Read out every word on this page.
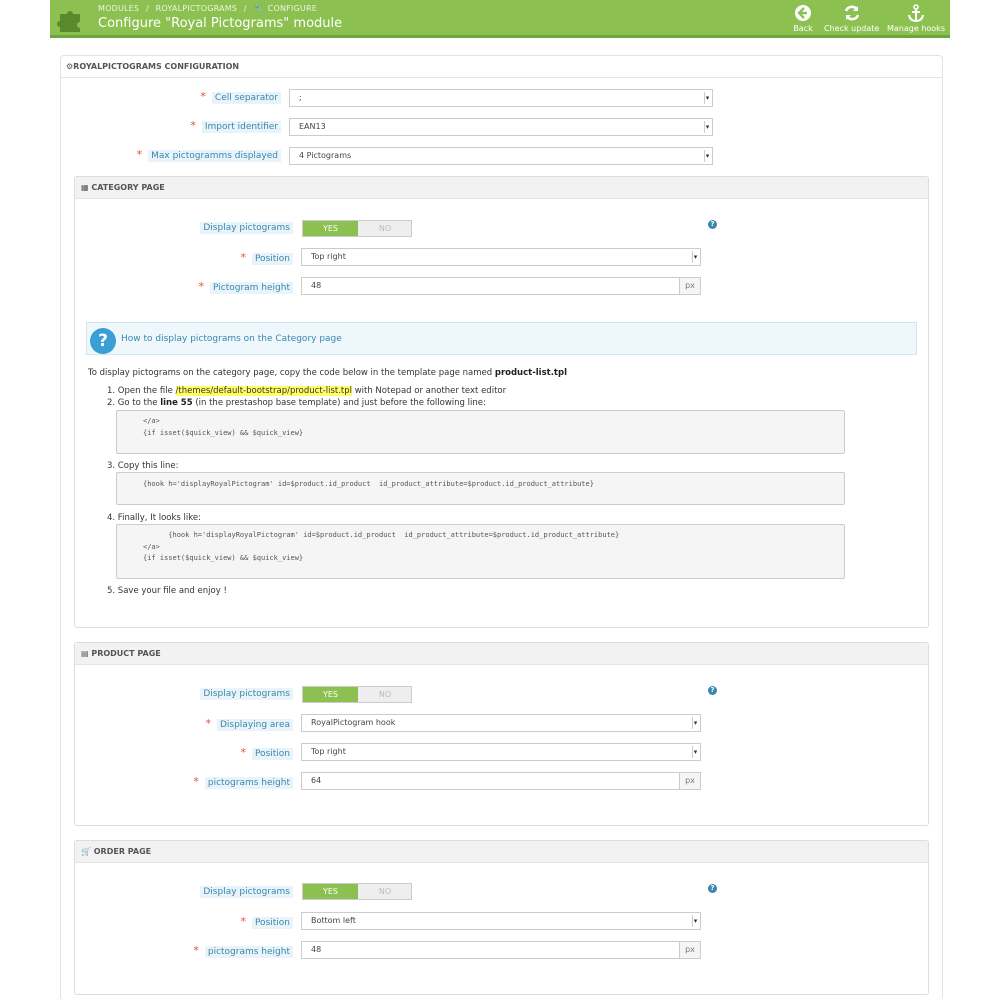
MODULES / ROYALPICTOGRAMS / 🔧 CONFIGURE
Configure "Royal Pictograms" module	Back Check update Manage hooks
⚙ROYALPICTOGRAMS CONFIGURATION
* Cell separator	;	▾
* Import identifier	EAN13	▾
* Max pictogramms displayed	4 Pictograms	▾
▦ CATEGORY PAGE
Display pictograms	YES	NO	?
* Position	Top right	▾
* Pictogram height	48	px
?	How to display pictograms on the Category page
To display pictograms on the category page, copy the code below in the template page named product-list.tpl
1. Open the file /themes/default-bootstrap/product-list.tpl with Notepad or another text editor
2. Go to the line 55 (in the prestashop base template) and just before the following line:
</a>
{if isset($quick_view) && $quick_view}
3. Copy this line:
{hook h='displayRoyalPictogram' id=$product.id_product  id_product_attribute=$product.id_product_attribute}
4. Finally, It looks like:
{hook h='displayRoyalPictogram' id=$product.id_product  id_product_attribute=$product.id_product_attribute}
</a>
{if isset($quick_view) && $quick_view}
5. Save your file and enjoy !
▤ PRODUCT PAGE
Display pictograms	YES	NO	?
* Displaying area	RoyalPictogram hook	▾
* Position	Top right	▾
* pictograms height	64	px
🛒 ORDER PAGE
Display pictograms	YES	NO	?
* Position	Bottom left	▾
* pictograms height	48	px
